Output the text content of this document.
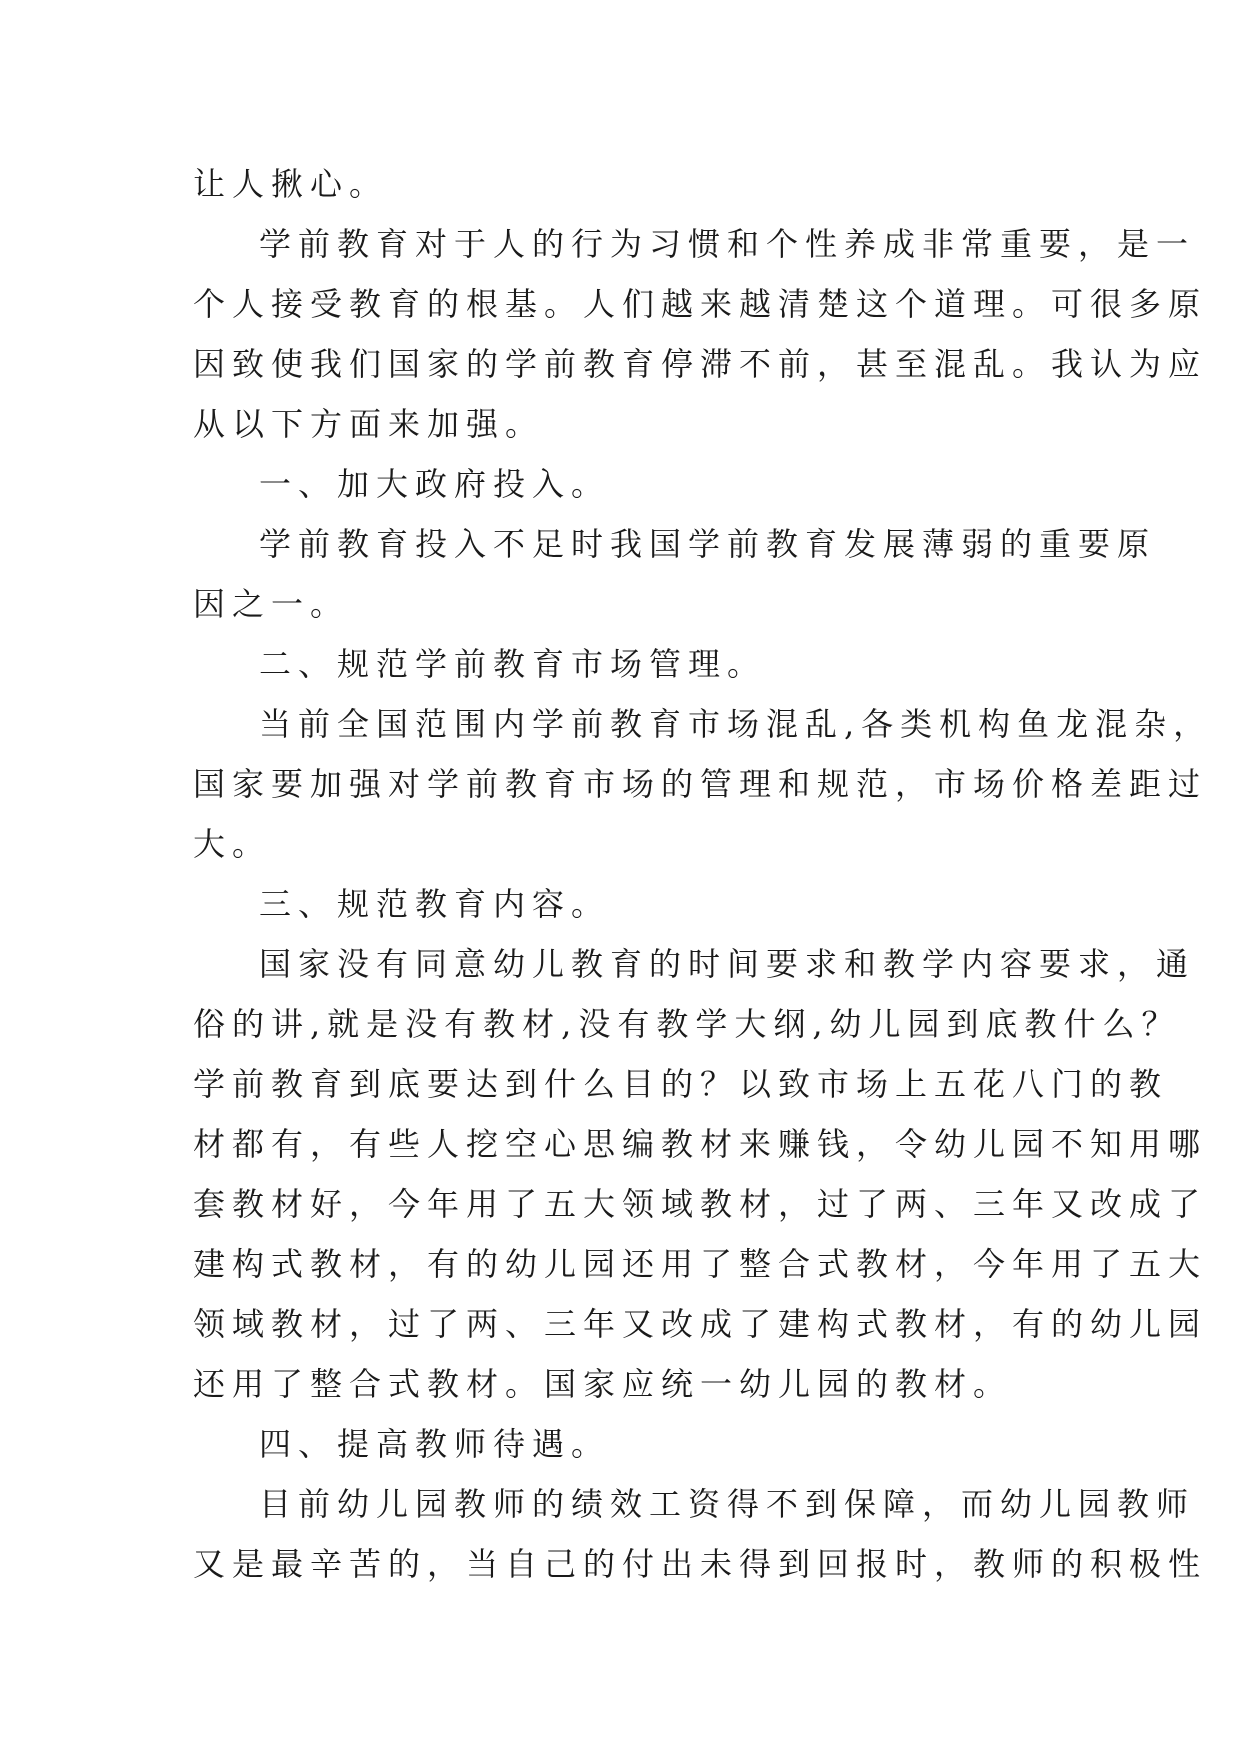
让人揪心。
学前教育对于人的行为习惯和个性养成非常重要，是一
个人接受教育的根基。人们越来越清楚这个道理。可很多原
因致使我们国家的学前教育停滞不前，甚至混乱。我认为应
从以下方面来加强。
一、加大政府投入。
学前教育投入不足时我国学前教育发展薄弱的重要原
因之一。
二、规范学前教育市场管理。
当前全国范围内学前教育市场混乱,各类机构鱼龙混杂，
国家要加强对学前教育市场的管理和规范，市场价格差距过
大。
三、规范教育内容。
国家没有同意幼儿教育的时间要求和教学内容要求，通
俗的讲,就是没有教材,没有教学大纲,幼儿园到底教什么？
学前教育到底要达到什么目的？以致市场上五花八门的教
材都有，有些人挖空心思编教材来赚钱，令幼儿园不知用哪
套教材好，今年用了五大领域教材，过了两、三年又改成了
建构式教材，有的幼儿园还用了整合式教材，今年用了五大
领域教材，过了两、三年又改成了建构式教材，有的幼儿园
还用了整合式教材。国家应统一幼儿园的教材。
四、提高教师待遇。
目前幼儿园教师的绩效工资得不到保障，而幼儿园教师
又是最辛苦的，当自己的付出未得到回报时，教师的积极性
